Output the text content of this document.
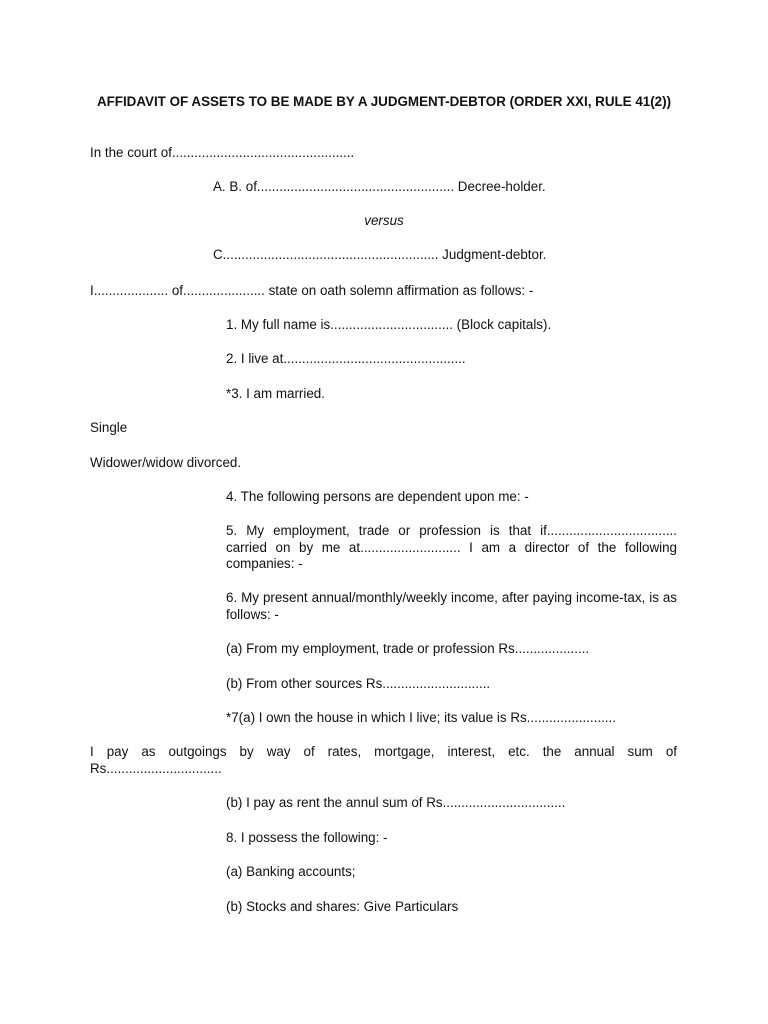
AFFIDAVIT OF ASSETS TO BE MADE BY A JUDGMENT-DEBTOR (ORDER XXI, RULE 41(2))
In the court of.................................................
A. B. of..................................................... Decree-holder.
versus
C.......................................................... Judgment-debtor.
I.................... of...................... state on oath solemn affirmation as follows: -
1. My full name is................................. (Block capitals).
2. I live at.................................................
*3. I am married.
Single
Widower/widow divorced.
4. The following persons are dependent upon me: -
5. My employment, trade or profession is that if................................... carried on by me at........................... I am a director of the following companies: -
6. My present annual/monthly/weekly income, after paying income-tax, is as follows: -
(a) From my employment, trade or profession Rs....................
(b) From other sources Rs.............................
*7(a) I own the house in which I live; its value is Rs........................
I pay as outgoings by way of rates, mortgage, interest, etc. the annual sum of Rs...............................
(b) I pay as rent the annul sum of Rs.................................
8. I possess the following: -
(a) Banking accounts;
(b) Stocks and shares: Give Particulars
